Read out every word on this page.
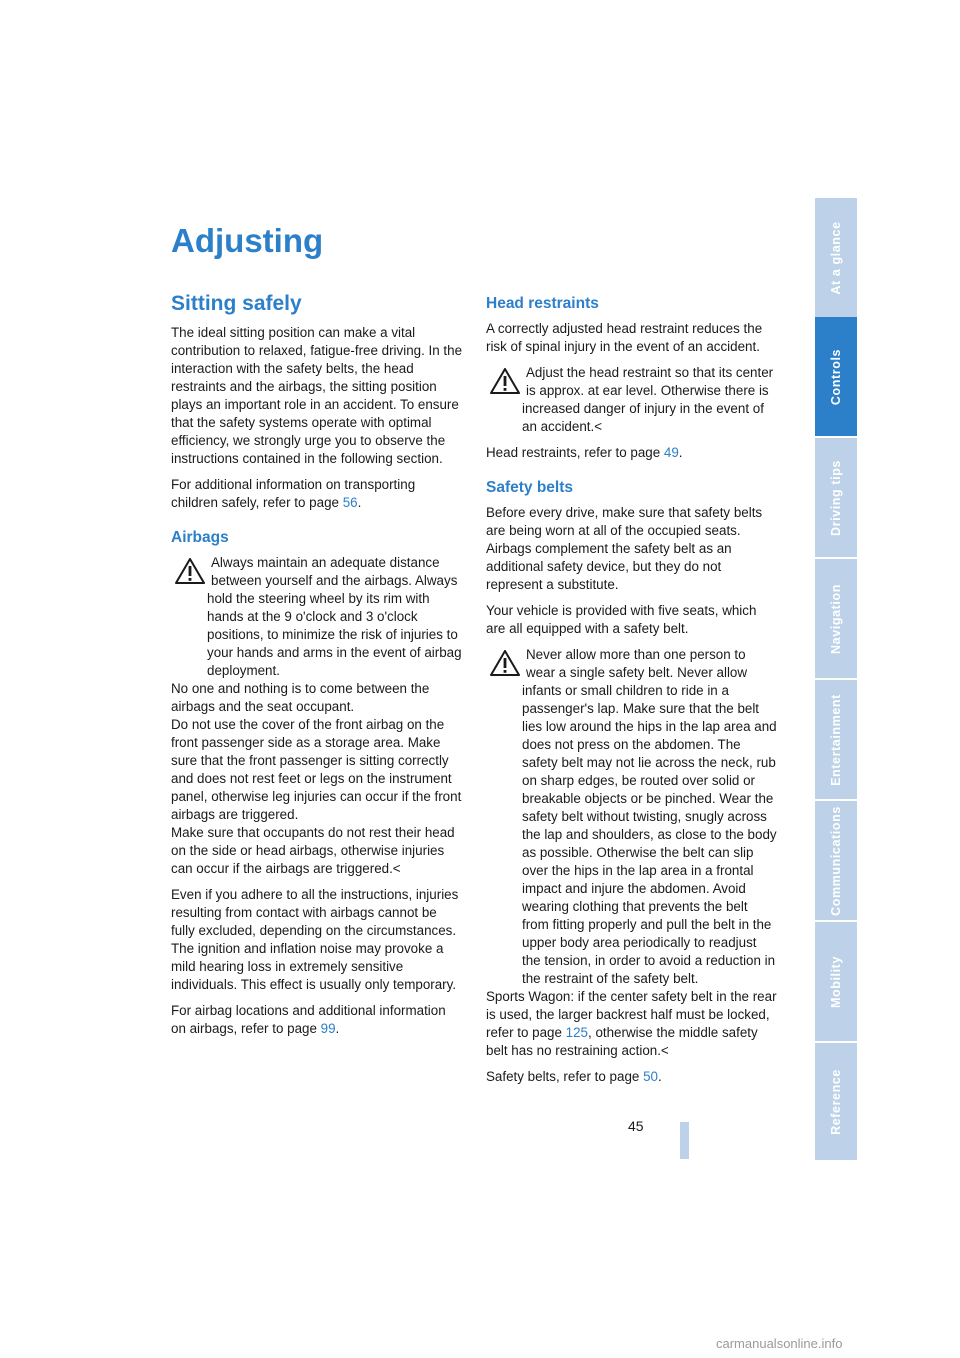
Adjusting
Sitting safely

The ideal sitting position can make a vital contribution to relaxed, fatigue-free driving. In the interaction with the safety belts, the head restraints and the airbags, the sitting position plays an important role in an accident. To ensure that the safety systems operate with optimal efficiency, we strongly urge you to observe the instructions contained in the following section.

For additional information on transporting children safely, refer to page 56.

Airbags
Always maintain an adequate distance between yourself and the airbags. Always hold the steering wheel by its rim with hands at the 9 o'clock and 3 o'clock positions, to minimize the risk of injuries to your hands and arms in the event of airbag deployment.
No one and nothing is to come between the airbags and the seat occupant.
Do not use the cover of the front airbag on the front passenger side as a storage area. Make sure that the front passenger is sitting correctly and does not rest feet or legs on the instrument panel, otherwise leg injuries can occur if the front airbags are triggered.
Make sure that occupants do not rest their head on the side or head airbags, otherwise injuries can occur if the airbags are triggered.<

Even if you adhere to all the instructions, injuries resulting from contact with airbags cannot be fully excluded, depending on the circumstances. The ignition and inflation noise may provoke a mild hearing loss in extremely sensitive individuals. This effect is usually only temporary.

For airbag locations and additional information on airbags, refer to page 99.

Head restraints

A correctly adjusted head restraint reduces the risk of spinal injury in the event of an accident.

Adjust the head restraint so that its center is approx. at ear level. Otherwise there is increased danger of injury in the event of an accident.<

Head restraints, refer to page 49.

Safety belts

Before every drive, make sure that safety belts are being worn at all of the occupied seats. Airbags complement the safety belt as an additional safety device, but they do not represent a substitute.

Your vehicle is provided with five seats, which are all equipped with a safety belt.

Never allow more than one person to wear a single safety belt. Never allow infants or small children to ride in a passenger's lap. Make sure that the belt lies low around the hips in the lap area and does not press on the abdomen. The safety belt may not lie across the neck, rub on sharp edges, be routed over solid or breakable objects or be pinched. Wear the safety belt without twisting, snugly across the lap and shoulders, as close to the body as possible. Otherwise the belt can slip over the hips in the lap area in a frontal impact and injure the abdomen. Avoid wearing clothing that prevents the belt from fitting properly and pull the belt in the upper body area periodically to readjust the tension, in order to avoid a reduction in the restraint of the safety belt.
Sports Wagon: if the center safety belt in the rear is used, the larger backrest half must be locked, refer to page 125, otherwise the middle safety belt has no restraining action.<

Safety belts, refer to page 50.

At a glance
Controls
Driving tips
Navigation
Entertainment
Communications
Mobility
Reference
45
carmanualsonline.info
